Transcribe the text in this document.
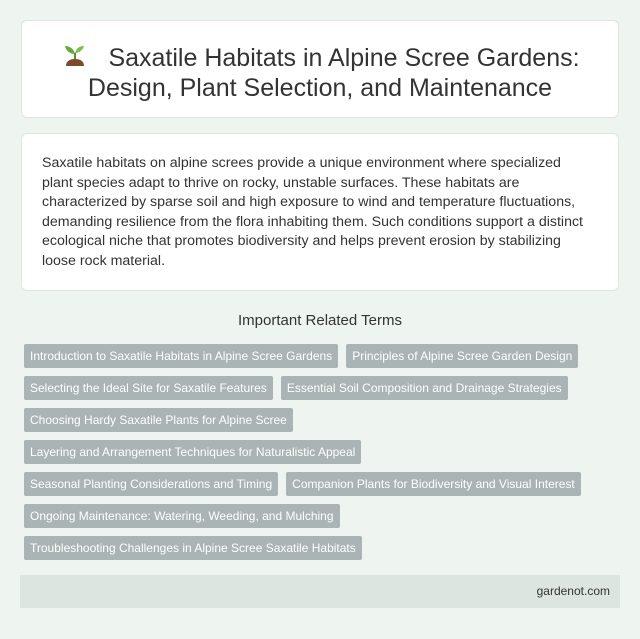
Saxatile Habitats in Alpine Scree Gardens: Design, Plant Selection, and Maintenance

Saxatile habitats on alpine screes provide a unique environment where specialized plant species adapt to thrive on rocky, unstable surfaces. These habitats are characterized by sparse soil and high exposure to wind and temperature fluctuations, demanding resilience from the flora inhabiting them. Such conditions support a distinct ecological niche that promotes biodiversity and helps prevent erosion by stabilizing loose rock material.

Important Related Terms
Introduction to Saxatile Habitats in Alpine Scree Gardens	Principles of Alpine Scree Garden Design
Selecting the Ideal Site for Saxatile Features	Essential Soil Composition and Drainage Strategies
Choosing Hardy Saxatile Plants for Alpine Scree
Layering and Arrangement Techniques for Naturalistic Appeal
Seasonal Planting Considerations and Timing	Companion Plants for Biodiversity and Visual Interest
Ongoing Maintenance: Watering, Weeding, and Mulching
Troubleshooting Challenges in Alpine Scree Saxatile Habitats
gardenot.com
